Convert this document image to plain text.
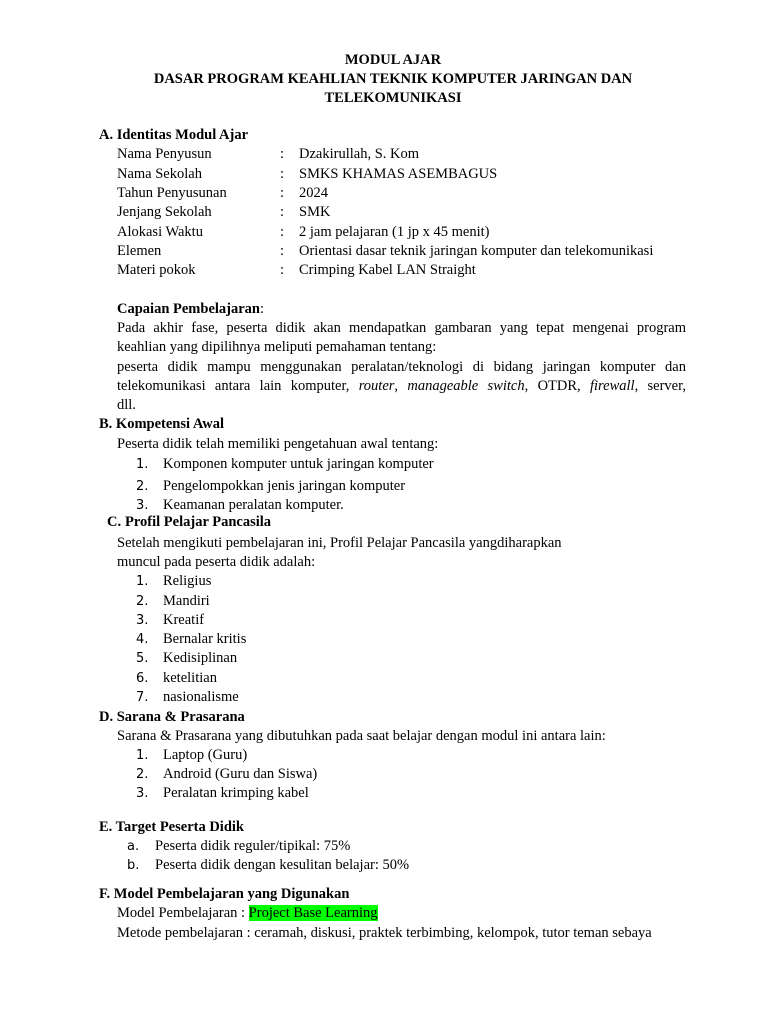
MODUL AJAR
DASAR PROGRAM KEAHLIAN TEKNIK KOMPUTER JARINGAN DAN
TELEKOMUNIKASI
A. Identitas Modul Ajar
Nama Penyusun	: Dzakirullah, S. Kom
Nama Sekolah	: SMKS KHAMAS ASEMBAGUS
Tahun Penyusunan	: 2024
Jenjang Sekolah	: SMK
Alokasi Waktu	: 2 jam pelajaran (1 jp x 45 menit)
Elemen	: Orientasi dasar teknik jaringan komputer dan telekomunikasi
Materi pokok	: Crimping Kabel LAN Straight
Capaian Pembelajaran:
Pada akhir fase, peserta didik akan mendapatkan gambaran yang tepat mengenai program
keahlian yang dipilihnya meliputi pemahaman tentang:
peserta didik mampu menggunakan peralatan/teknologi di bidang jaringan komputer dan
telekomunikasi antara lain komputer, router, manageable switch, OTDR, firewall, server,
dll.
B. Kompetensi Awal
Peserta didik telah memiliki pengetahuan awal tentang:
1. Komponen komputer untuk jaringan komputer
2. Pengelompokkan jenis jaringan komputer
3. Keamanan peralatan komputer.
C. Profil Pelajar Pancasila
Setelah mengikuti pembelajaran ini, Profil Pelajar Pancasila yangdiharapkan
muncul pada peserta didik adalah:
1. Religius
2. Mandiri
3. Kreatif
4. Bernalar kritis
5. Kedisiplinan
6. ketelitian
7. nasionalisme
D. Sarana & Prasarana
Sarana & Prasarana yang dibutuhkan pada saat belajar dengan modul ini antara lain:
1. Laptop (Guru)
2. Android (Guru dan Siswa)
3. Peralatan krimping kabel
E. Target Peserta Didik
a. Peserta didik reguler/tipikal: 75%
b. Peserta didik dengan kesulitan belajar: 50%
F. Model Pembelajaran yang Digunakan
Model Pembelajaran : Project Base Learning
Metode pembelajaran : ceramah, diskusi, praktek terbimbing, kelompok, tutor teman sebaya
